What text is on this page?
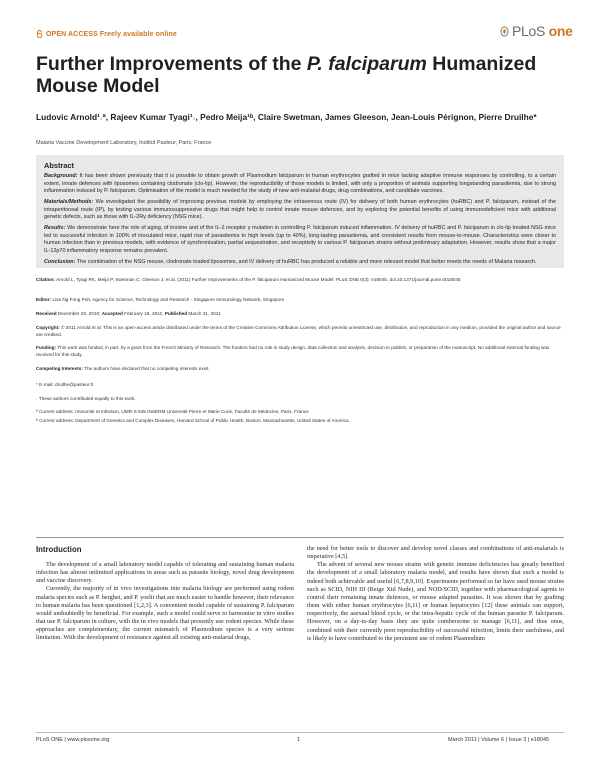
OPEN ACCESS Freely available online	PLoS one
Further Improvements of the P. falciparum Humanized Mouse Model
Ludovic Arnold¹˒ª, Rajeev Kumar Tyagi¹˒, Pedro Meija¹ᵇ, Claire Swetman, James Gleeson, Jean-Louis Pérignon, Pierre Druilhe*
Malaria Vaccine Development Laboratory, Institut Pasteur, Paris, France
Abstract

Background: It has been shown previously that it is possible to obtain growth of Plasmodium falciparum in human erythrocytes grafted in mice lacking adaptive immune responses by controlling, to a certain extent, innate defences with liposomes containing clodronate (clo-lip). However, the reproducibility of those models is limited, with only a proportion of animals supporting longstanding parasitemia, due to strong inflammation induced by P. falciparum. Optimisation of the model is much needed for the study of new anti-malarial drugs, drug combinations, and candidate vaccines.

Materials/Methods: We investigated the possibility of improving previous models by employing the intravenous route (IV) for delivery of both human erythrocytes (huRBC) and P. falciparum, instead of the intraperitoneal route (IP), by testing various immunosuppressive drugs that might help to control innate mouse defences, and by exploring the potential benefits of using immunodeficient mice with additional genetic defects, such as those with IL-2Rγ deficiency (NSG mice).

Results: We demonstrate here the role of aging, of inosine and of the IL-2 receptor γ mutation in controlling P. falciparum induced inflammation. IV delivery of huRBC and P. falciparum in clo-lip treated NSG mice led to successful infection in 100% of inoculated mice, rapid rise of parasitemia to high levels (up to 40%), long-lasting parasitemia, and consistent results from mouse-to-mouse. Characteristics were closer to human infection than in previous models, with evidence of synchronisation, partial sequestration, and receptivity to various P. falciparum strains without preliminary adaptation. However, results show that a major IL-12p70 inflammatory response remains prevalent.

Conclusion: The combination of the NSG mouse, clodronate loaded liposomes, and IV delivery of huRBC has produced a reliable and more relevant model that better meets the needs of Malaria research.

Citation: Arnold L, Tyagi RK, Meija P, Swetman C, Gleeson J, et al. (2011) Further Improvements of the P. falciparum Humanized Mouse Model. PLoS ONE 6(3): e18045. doi:10.1371/journal.pone.0018045
Editor: Lisa Ng Fong Poh, Agency for Science, Technology and Research - Singapore Immunology Network, Singapore
Received December 20, 2010; Accepted February 18, 2011; Published March 31, 2011
Copyright: © 2011 Arnold et al. This is an open-access article distributed under the terms of the Creative Commons Attribution License, which permits unrestricted use, distribution, and reproduction in any medium, provided the original author and source are credited.
Funding: This work was funded, in part, by a grant from the French Ministry of Research. The funders had no role in study design, data collection and analysis, decision to publish, or preparation of the manuscript. No additional external funding was received for this study.
Competing Interests: The authors have declared that no competing interests exist.
* E-mail: druilhe@pasteur.fr
˒ These authors contributed equally to this work.
ª Current address: Immunité et Infection, UMR-S 945 INSERM Université Pierre et Marie Curie, Faculté de Médecine, Paris, France
ᵇ Current address: Department of Genetics and Complex Diseases, Harvard School of Public Health, Boston, Massachusetts, United States of America
Introduction

The development of a small laboratory model capable of tolerating and sustaining human malaria infection has almost unlimited applications in areas such as parasite biology, novel drug development and vaccine discovery.

Currently, the majority of in vivo investigations into malaria biology are performed using rodent malaria species such as P. berghei, and P. yoelii that are much easier to handle however, their relevance to human malaria has been questioned [1,2,3]. A convenient model capable of sustaining P. falciparum would undoubtedly be beneficial. For example, such a model could serve to harmonise in vitro studies that use P. falciparum in culture, with the in vivo models that presently use rodent species. While these approaches are complementary, the current mismatch of Plasmodium species is a very serious limitation. With the development of resistance against all existing anti-malarial drugs,

the need for better tools to discover and develop novel classes and combinations of anti-malarials is imperative [4,5].

The advent of several new mouse strains with genetic immune deficiencies has greatly benefited the development of a small laboratory malaria model, and results have shown that such a model is indeed both achievable and useful [6,7,8,9,10]. Experiments performed so far have used mouse strains such as SCID, NIH III (Beige Xid Nude), and NOD/SCID, together with pharmacological agents to control their remaining innate defences, or mouse adapted parasites. It was shown that by grafting them with either human erythrocytes [6,11] or human hepatocytes [12] these animals can support, respectively, the asexual blood cycle, or the intra-hepatic cycle of the human parasite P. falciparum. However, on a day-to-day basis they are quite cumbersome to manage [6,11], and thus onus, combined with their currently poor reproducibility of successful infection, limits their usefulness, and is likely to have contributed to the persistent use of rodent Plasmodium

PLoS ONE | www.plosone.org	1	March 2011 | Volume 6 | Issue 3 | e18045
